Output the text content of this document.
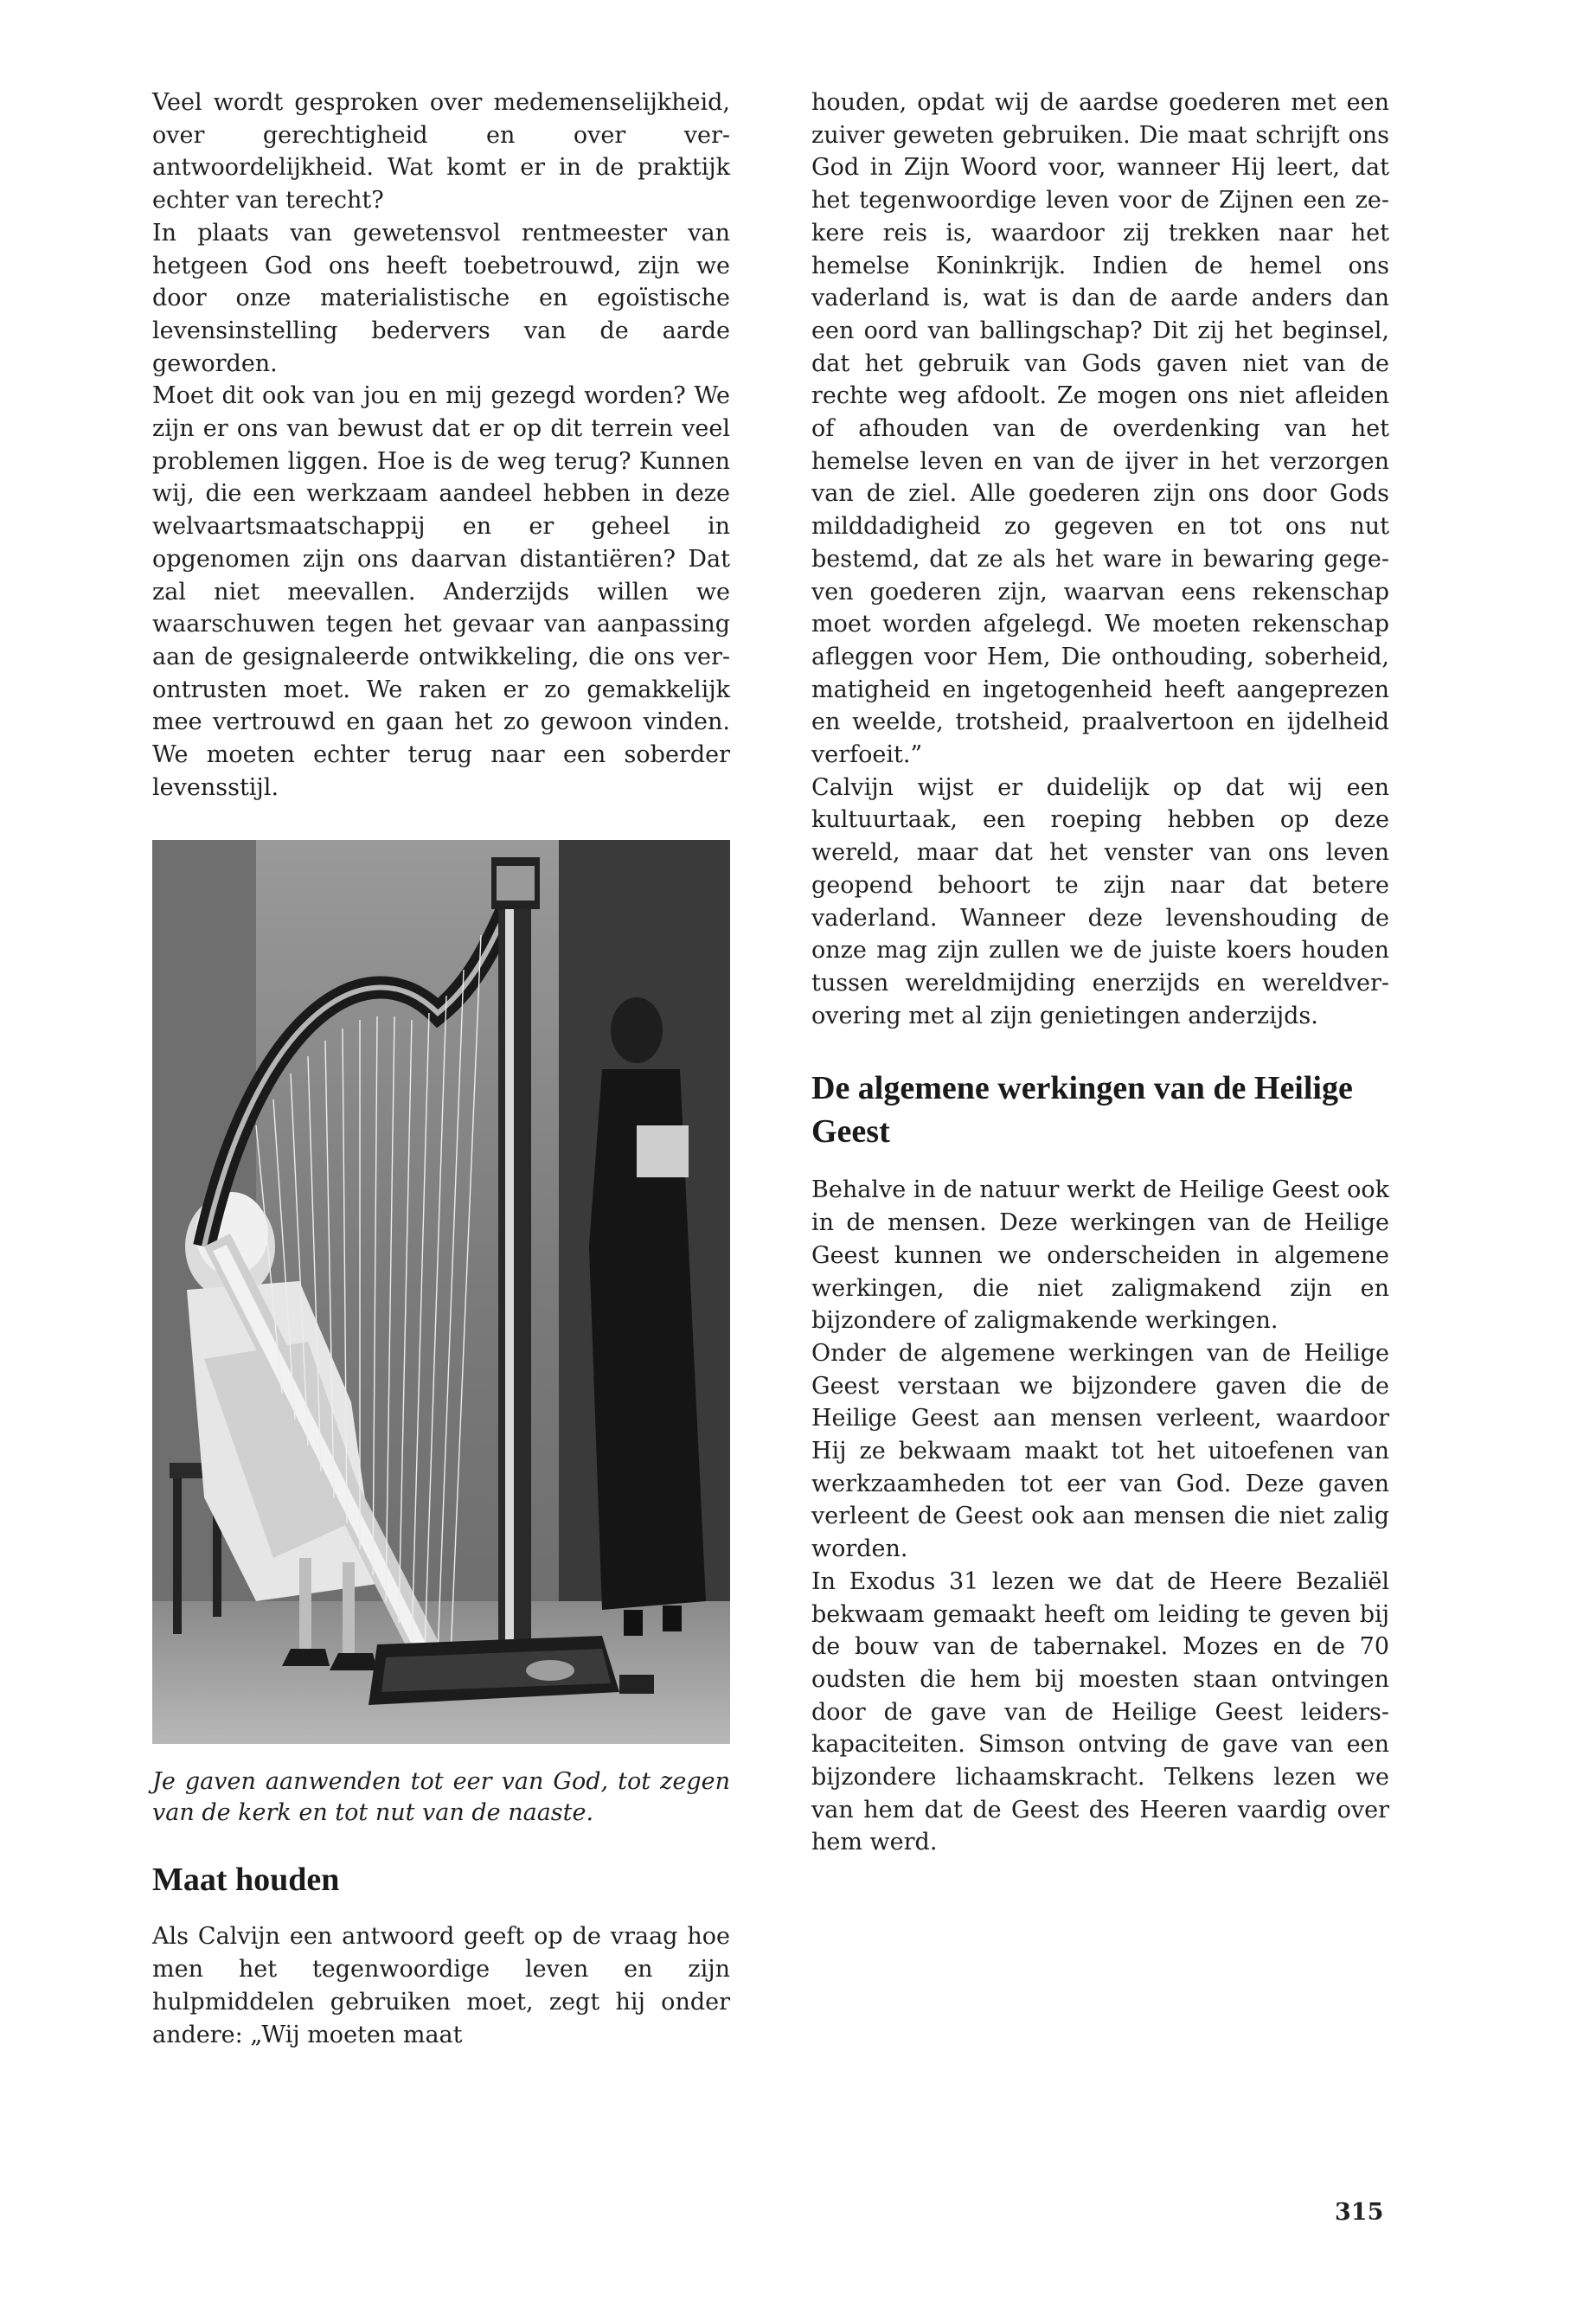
Veel wordt gesproken over medemenselijkheid, over gerechtigheid en over verantwoordelijkheid. Wat komt er in de praktijk echter van terecht?

In plaats van gewetensvol rentmeester van hetgeen God ons heeft toebetrouwd, zijn we door onze materialistische en egoïstische levensinstelling bedervers van de aarde geworden.

Moet dit ook van jou en mij gezegd worden? We zijn er ons van bewust dat er op dit terrein veel problemen liggen. Hoe is de weg terug? Kunnen wij, die een werkzaam aandeel hebben in deze welvaartsmaatschappij en er geheel in opgenomen zijn ons daarvan distantiëren? Dat zal niet meevallen. Anderzijds willen we waarschuwen tegen het gevaar van aanpassing aan de gesignaleerde ontwikkeling, die ons verontrusten moet. We raken er zo gemakkelijk mee vertrouwd en gaan het zo gewoon vinden. We moeten echter terug naar een soberder levensstijl.

Je gaven aanwenden tot eer van God, tot zegen van de kerk en tot nut van de naaste.

Maat houden

Als Calvijn een antwoord geeft op de vraag hoe men het tegenwoordige leven en zijn hulpmiddelen gebruiken moet, zegt hij onder andere: „Wij moeten maat

houden, opdat wij de aardse goederen met een zuiver geweten gebruiken. Die maat schrijft ons God in Zijn Woord voor, wanneer Hij leert, dat het tegenwoordige leven voor de Zijnen een zekere reis is, waardoor zij trekken naar het hemelse Koninkrijk. Indien de hemel ons vaderland is, wat is dan de aarde anders dan een oord van ballingschap? Dit zij het beginsel, dat het gebruik van Gods gaven niet van de rechte weg afdoolt. Ze mogen ons niet afleiden of afhouden van de overdenking van het hemelse leven en van de ijver in het verzorgen van de ziel. Alle goederen zijn ons door Gods milddadigheid zo gegeven en tot ons nut bestemd, dat ze als het ware in bewaring gegeven goederen zijn, waarvan eens rekenschap moet worden afgelegd. We moeten rekenschap afleggen voor Hem, Die onthouding, soberheid, matigheid en ingetogenheid heeft aangeprezen en weelde, trotsheid, praalvertoon en ijdelheid verfoeit.”

Calvijn wijst er duidelijk op dat wij een kultuurtaak, een roeping hebben op deze wereld, maar dat het venster van ons leven geopend behoort te zijn naar dat betere vaderland. Wanneer deze levenshouding de onze mag zijn zullen we de juiste koers houden tussen wereldmijding enerzijds en wereldverovering met al zijn genietingen anderzijds.

De algemene werkingen van de Heilige Geest

Behalve in de natuur werkt de Heilige Geest ook in de mensen. Deze werkingen van de Heilige Geest kunnen we onderscheiden in algemene werkingen, die niet zaligmakend zijn en bijzondere of zaligmakende werkingen.

Onder de algemene werkingen van de Heilige Geest verstaan we bijzondere gaven die de Heilige Geest aan mensen verleent, waardoor Hij ze bekwaam maakt tot het uitoefenen van werkzaamheden tot eer van God. Deze gaven verleent de Geest ook aan mensen die niet zalig worden.

In Exodus 31 lezen we dat de Heere Bezaliël bekwaam gemaakt heeft om leiding te geven bij de bouw van de tabernakel. Mozes en de 70 oudsten die hem bij moesten staan ontvingen door de gave van de Heilige Geest leiderskapaciteiten. Simson ontving de gave van een bijzondere lichaamskracht. Telkens lezen we van hem dat de Geest des Heeren vaardig over hem werd.

315
